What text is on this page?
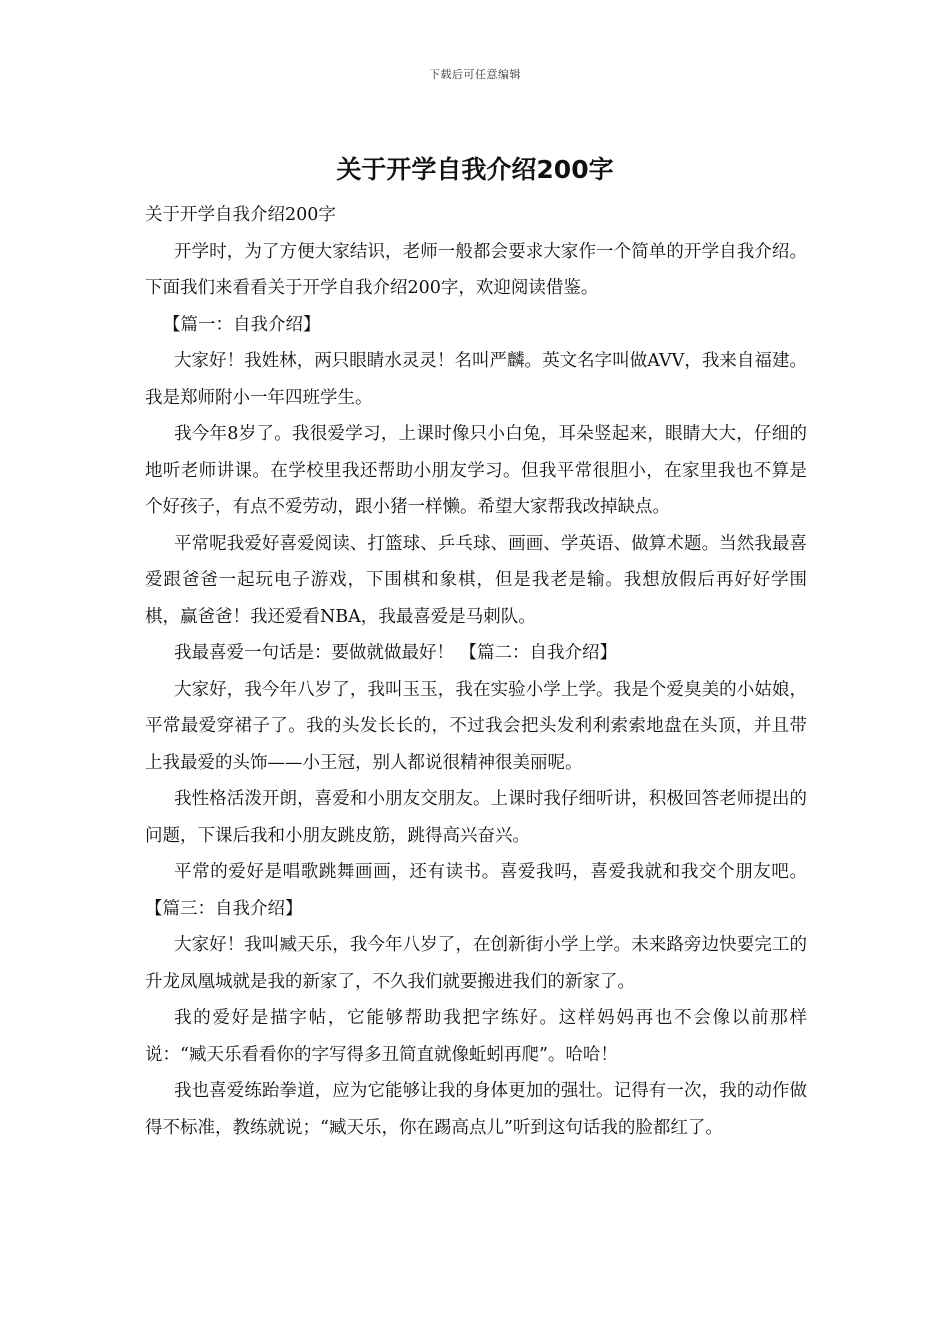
下载后可任意编辑
关于开学自我介绍200字

关于开学自我介绍200字

开学时，为了方便大家结识，老师一般都会要求大家作一个简单的开学自我介绍。下面我们来看看关于开学自我介绍200字，欢迎阅读借鉴。

【篇一：自我介绍】

大家好！我姓林，两只眼睛水灵灵！名叫严麟。英文名字叫做AVV，我来自福建。我是郑师附小一年四班学生。

我今年8岁了。我很爱学习，上课时像只小白兔，耳朵竖起来，眼睛大大，仔细的地听老师讲课。在学校里我还帮助小朋友学习。但我平常很胆小，在家里我也不算是个好孩子，有点不爱劳动，跟小猪一样懒。希望大家帮我改掉缺点。

平常呢我爱好喜爱阅读、打篮球、乒乓球、画画、学英语、做算术题。当然我最喜爱跟爸爸一起玩电子游戏，下围棋和象棋，但是我老是输。我想放假后再好好学围棋，赢爸爸！我还爱看NBA，我最喜爱是马刺队。

我最喜爱一句话是：要做就做最好！ 【篇二：自我介绍】

大家好，我今年八岁了，我叫玉玉，我在实验小学上学。我是个爱臭美的小姑娘，平常最爱穿裙子了。我的头发长长的，不过我会把头发利利索索地盘在头顶，并且带上我最爱的头饰——小王冠，别人都说很精神很美丽呢。

我性格活泼开朗，喜爱和小朋友交朋友。上课时我仔细听讲，积极回答老师提出的问题，下课后我和小朋友跳皮筋，跳得高兴奋兴。

平常的爱好是唱歌跳舞画画，还有读书。喜爱我吗，喜爱我就和我交个朋友吧。 【篇三：自我介绍】

大家好！我叫臧天乐，我今年八岁了，在创新街小学上学。未来路旁边快要完工的升龙凤凰城就是我的新家了，不久我们就要搬进我们的新家了。

我的爱好是描字帖，它能够帮助我把字练好。这样妈妈再也不会像以前那样说：“臧天乐看看你的字写得多丑简直就像蚯蚓再爬”。哈哈！

我也喜爱练跆拳道，应为它能够让我的身体更加的强壮。记得有一次，我的动作做得不标准，教练就说；“臧天乐，你在踢高点儿”听到这句话我的脸都红了。
